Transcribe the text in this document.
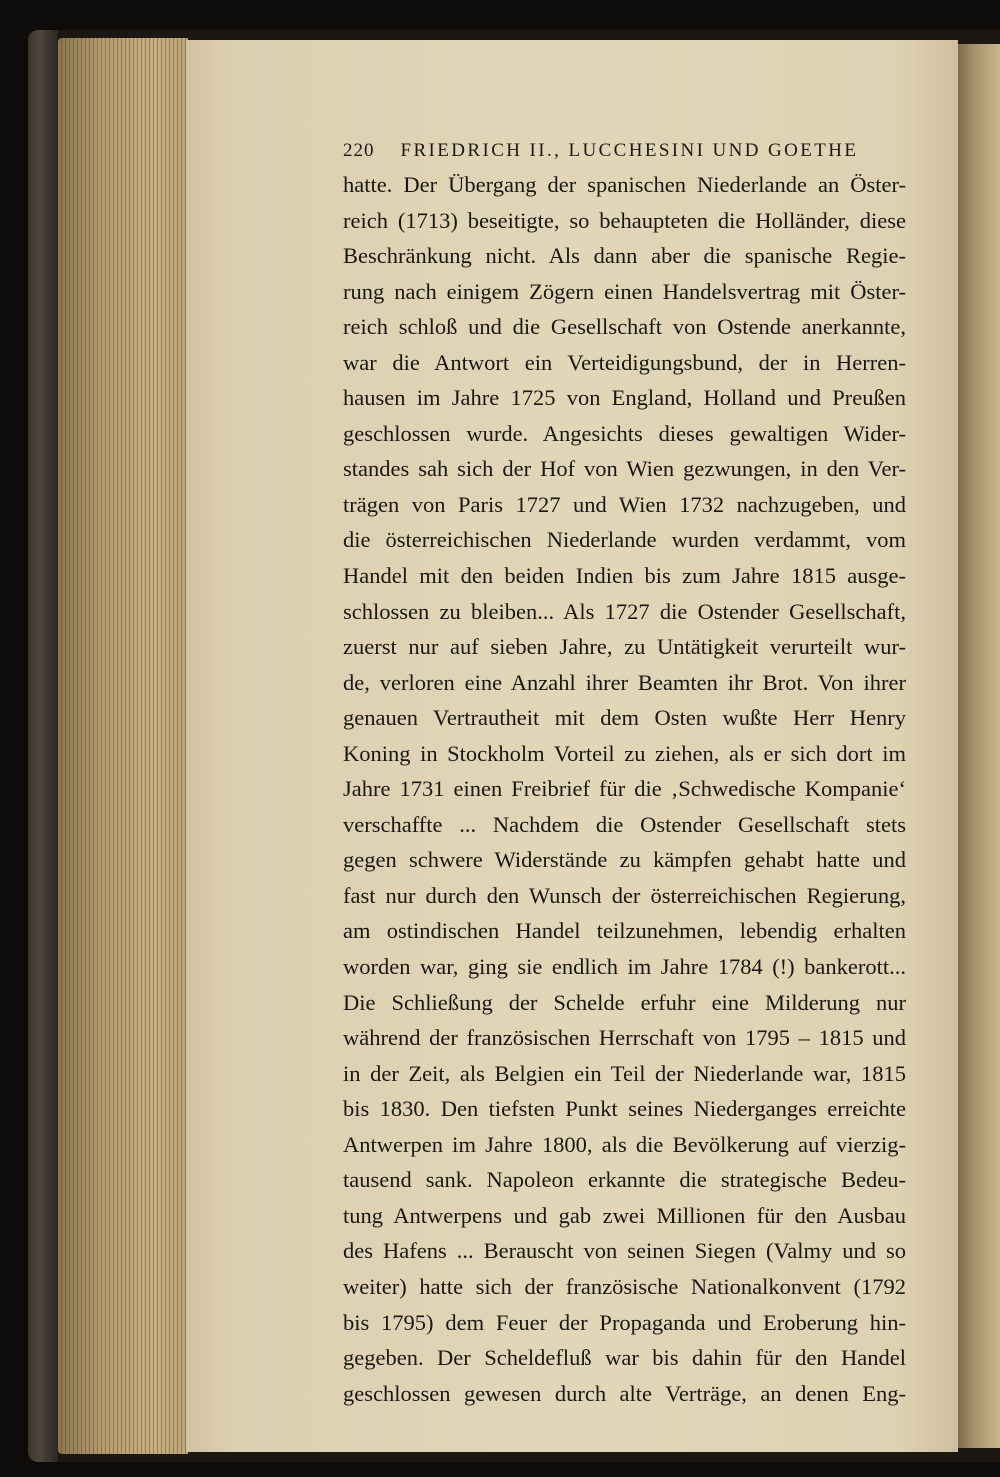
220 FRIEDRICH II., LUCCHESINI UND GOETHE
hatte. Der Übergang der spanischen Niederlande an Öster-
reich (1713) beseitigte, so behaupteten die Holländer, diese
Beschränkung nicht. Als dann aber die spanische Regie-
rung nach einigem Zögern einen Handelsvertrag mit Öster-
reich schloß und die Gesellschaft von Ostende anerkannte,
war die Antwort ein Verteidigungsbund, der in Herren-
hausen im Jahre 1725 von England, Holland und Preußen
geschlossen wurde. Angesichts dieses gewaltigen Wider-
standes sah sich der Hof von Wien gezwungen, in den Ver-
trägen von Paris 1727 und Wien 1732 nachzugeben, und
die österreichischen Niederlande wurden verdammt, vom
Handel mit den beiden Indien bis zum Jahre 1815 ausge-
schlossen zu bleiben... Als 1727 die Ostender Gesellschaft,
zuerst nur auf sieben Jahre, zu Untätigkeit verurteilt wur-
de, verloren eine Anzahl ihrer Beamten ihr Brot. Von ihrer
genauen Vertrautheit mit dem Osten wußte Herr Henry
Koning in Stockholm Vorteil zu ziehen, als er sich dort im
Jahre 1731 einen Freibrief für die ‚Schwedische Kompanie‘
verschaffte ... Nachdem die Ostender Gesellschaft stets
gegen schwere Widerstände zu kämpfen gehabt hatte und
fast nur durch den Wunsch der österreichischen Regierung,
am ostindischen Handel teilzunehmen, lebendig erhalten
worden war, ging sie endlich im Jahre 1784 (!) bankerott...
Die Schließung der Schelde erfuhr eine Milderung nur
während der französischen Herrschaft von 1795 – 1815 und
in der Zeit, als Belgien ein Teil der Niederlande war, 1815
bis 1830. Den tiefsten Punkt seines Niederganges erreichte
Antwerpen im Jahre 1800, als die Bevölkerung auf vierzig-
tausend sank. Napoleon erkannte die strategische Bedeu-
tung Antwerpens und gab zwei Millionen für den Ausbau
des Hafens ... Berauscht von seinen Siegen (Valmy und so
weiter) hatte sich der französische Nationalkonvent (1792
bis 1795) dem Feuer der Propaganda und Eroberung hin-
gegeben. Der Scheldefluß war bis dahin für den Handel
geschlossen gewesen durch alte Verträge, an denen Eng-
